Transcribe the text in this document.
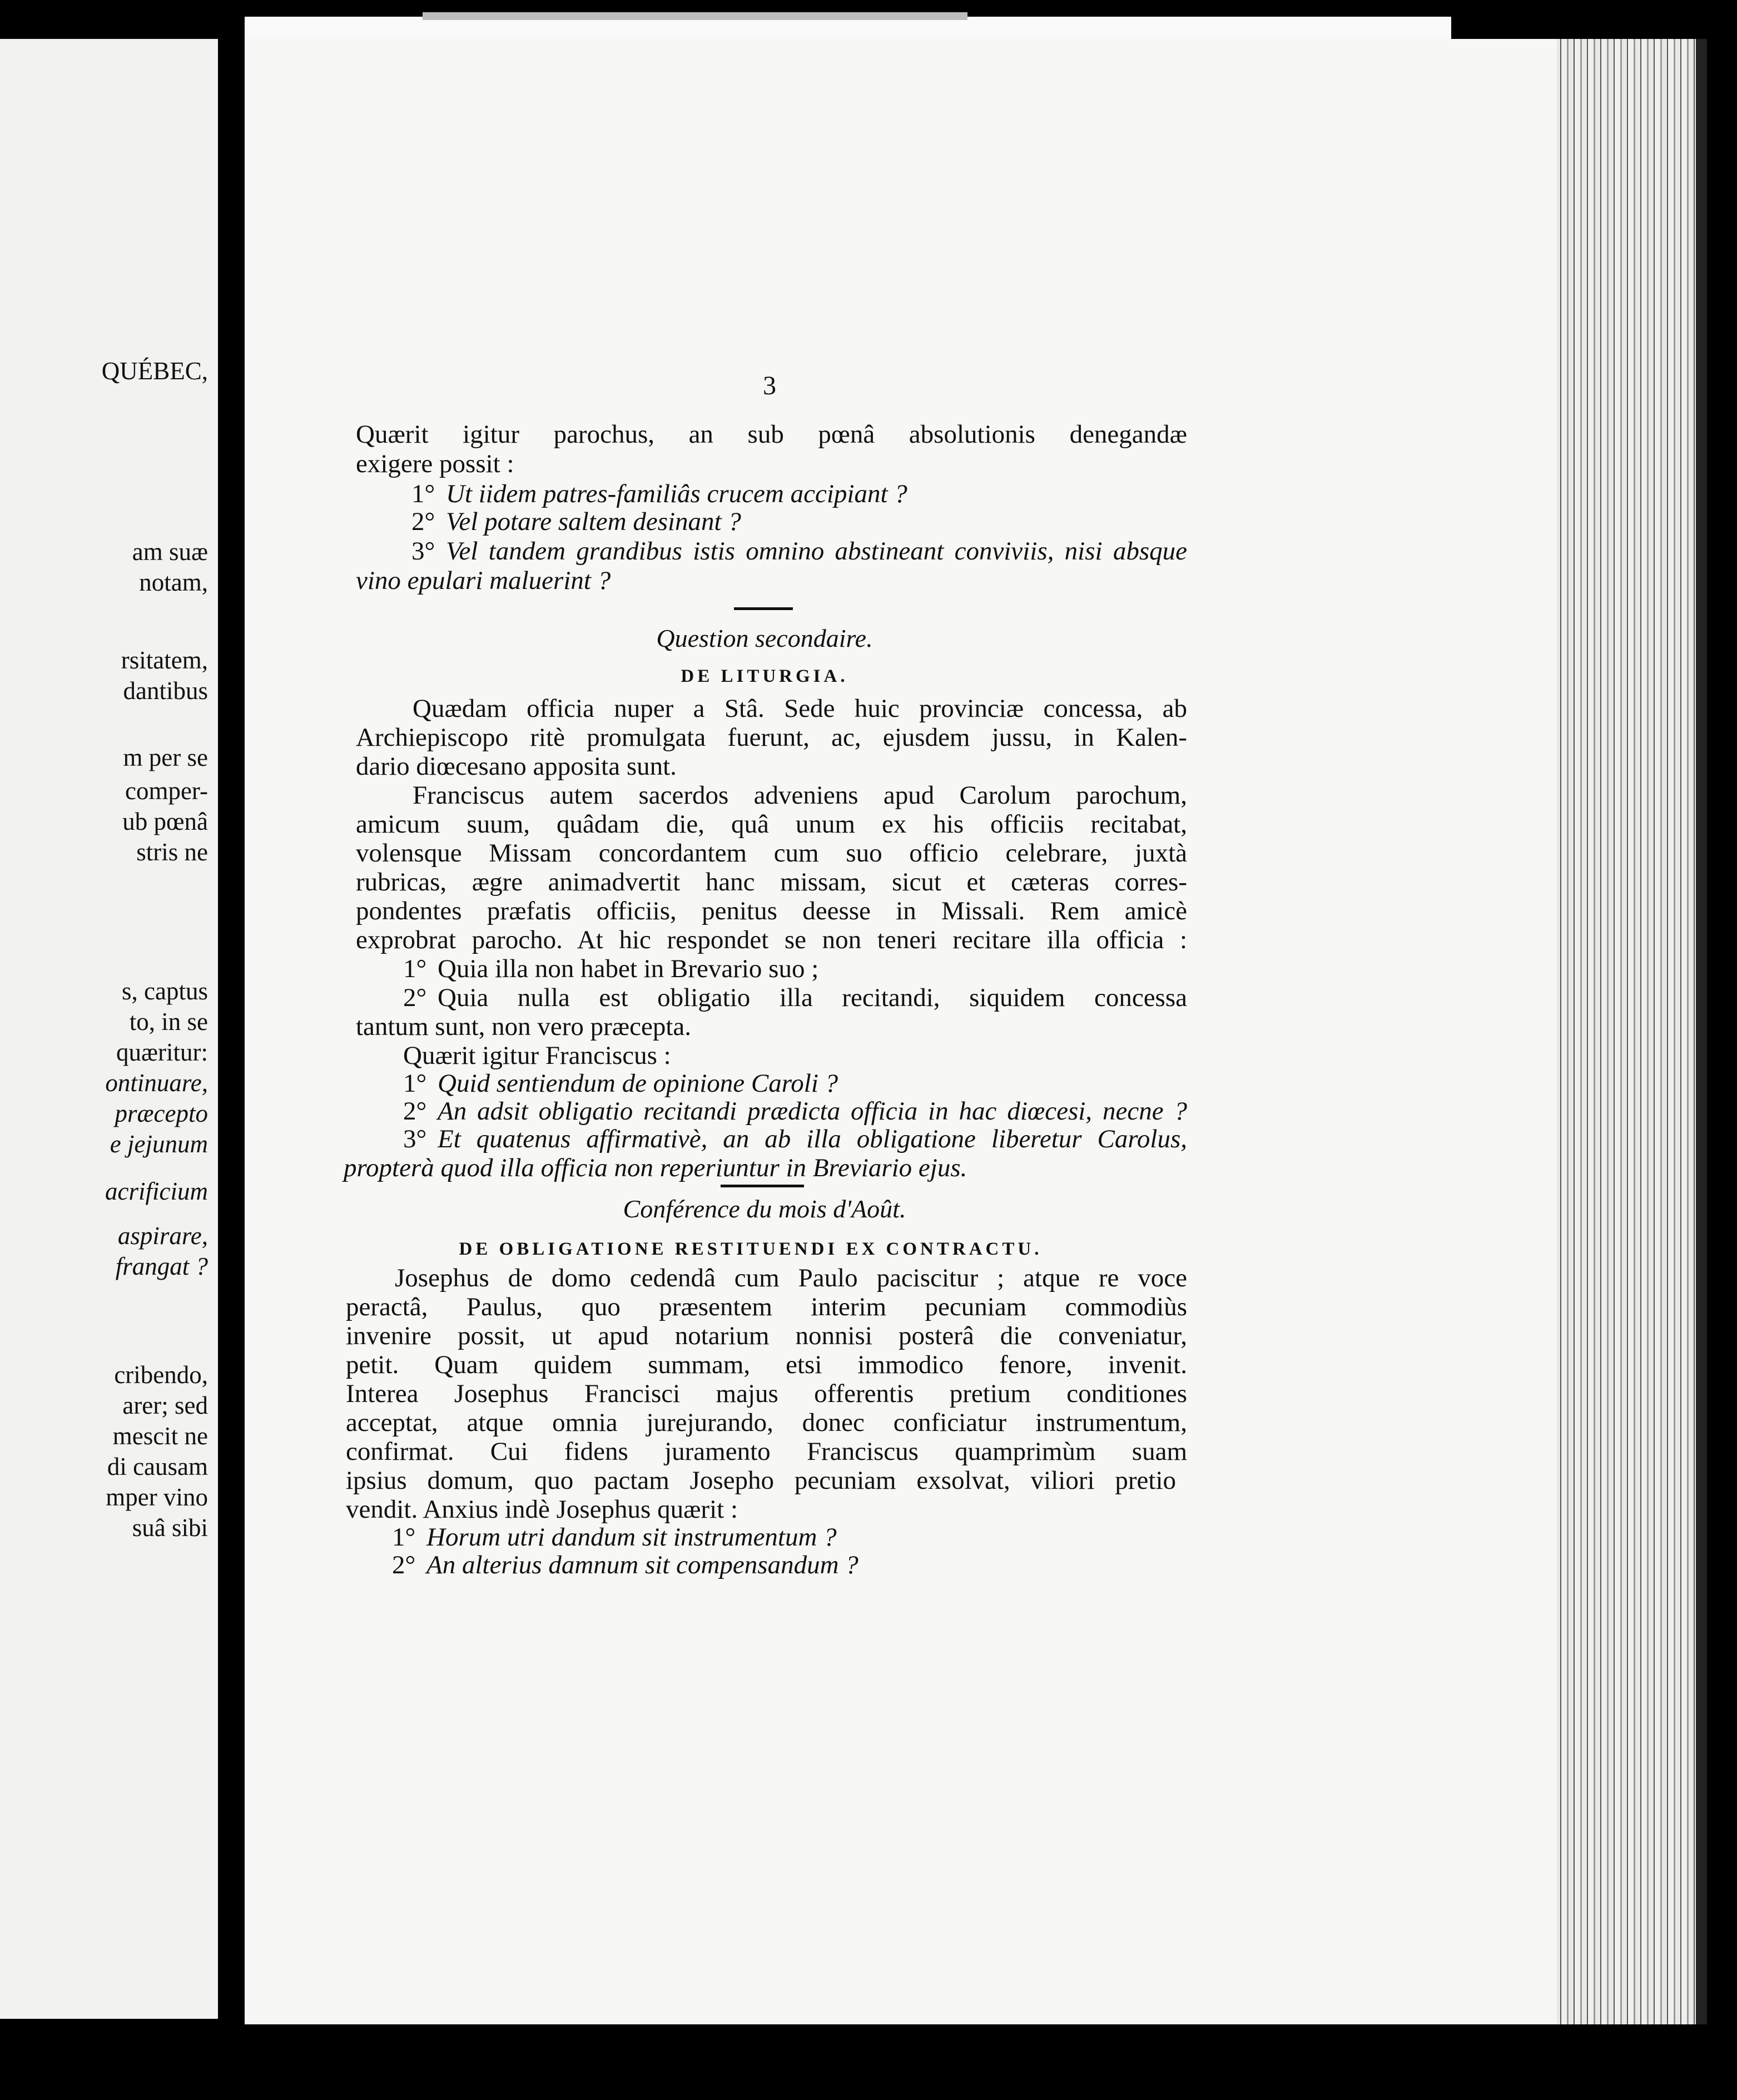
QUÉBEC,
am suæ
notam,
rsitatem,
dantibus
m per se
comper-
ub pœnâ
stris ne
s, captus
to, in se
quæritur:
ontinuare,
præcepto
e jejunum
acrificium
aspirare,
frangat ?
cribendo,
arer; sed
mescit ne
di causam
mper vino
suâ sibi
3
Quærit igitur parochus, an sub pœnâ absolutionis denegandæ
exigere possit :
1° Ut iidem patres-familiâs crucem accipiant ?
2° Vel potare saltem desinant ?
3° Vel tandem grandibus istis omnino abstineant conviviis, nisi absque
vino epulari maluerint ?
Question secondaire.
DE LITURGIA.
Quædam officia nuper a Stâ. Sede huic provinciæ concessa, ab
Archiepiscopo ritè promulgata fuerunt, ac, ejusdem jussu, in Kalen-
dario diœcesano apposita sunt.
Franciscus autem sacerdos adveniens apud Carolum parochum,
amicum suum, quâdam die, quâ unum ex his officiis recitabat,
volensque Missam concordantem cum suo officio celebrare, juxtà
rubricas, ægre animadvertit hanc missam, sicut et cæteras corres-
pondentes præfatis officiis, penitus deesse in Missali. Rem amicè
exprobrat parocho. At hic respondet se non teneri recitare illa officia :
1° Quia illa non habet in Brevario suo ;
2° Quia nulla est obligatio illa recitandi, siquidem concessa
tantum sunt, non vero præcepta.
Quærit igitur Franciscus :
1° Quid sentiendum de opinione Caroli ?
2° An adsit obligatio recitandi prædicta officia in hac diœcesi, necne ?
3° Et quatenus affirmativè, an ab illa obligatione liberetur Carolus,
propterà quod illa officia non reperiuntur in Breviario ejus.
Conférence du mois d'Août.
DE OBLIGATIONE RESTITUENDI EX CONTRACTU.
Josephus de domo cedendâ cum Paulo paciscitur ; atque re voce
peractâ, Paulus, quo præsentem interim pecuniam commodiùs
invenire possit, ut apud notarium nonnisi posterâ die conveniatur,
petit. Quam quidem summam, etsi immodico fenore, invenit.
Interea Josephus Francisci majus offerentis pretium conditiones
acceptat, atque omnia jurejurando, donec conficiatur instrumentum,
confirmat. Cui fidens juramento Franciscus quamprimùm suam
ipsius domum, quo pactam Josepho pecuniam exsolvat, viliori pretio
vendit. Anxius indè Josephus quærit :
1° Horum utri dandum sit instrumentum ?
2° An alterius damnum sit compensandum ?
